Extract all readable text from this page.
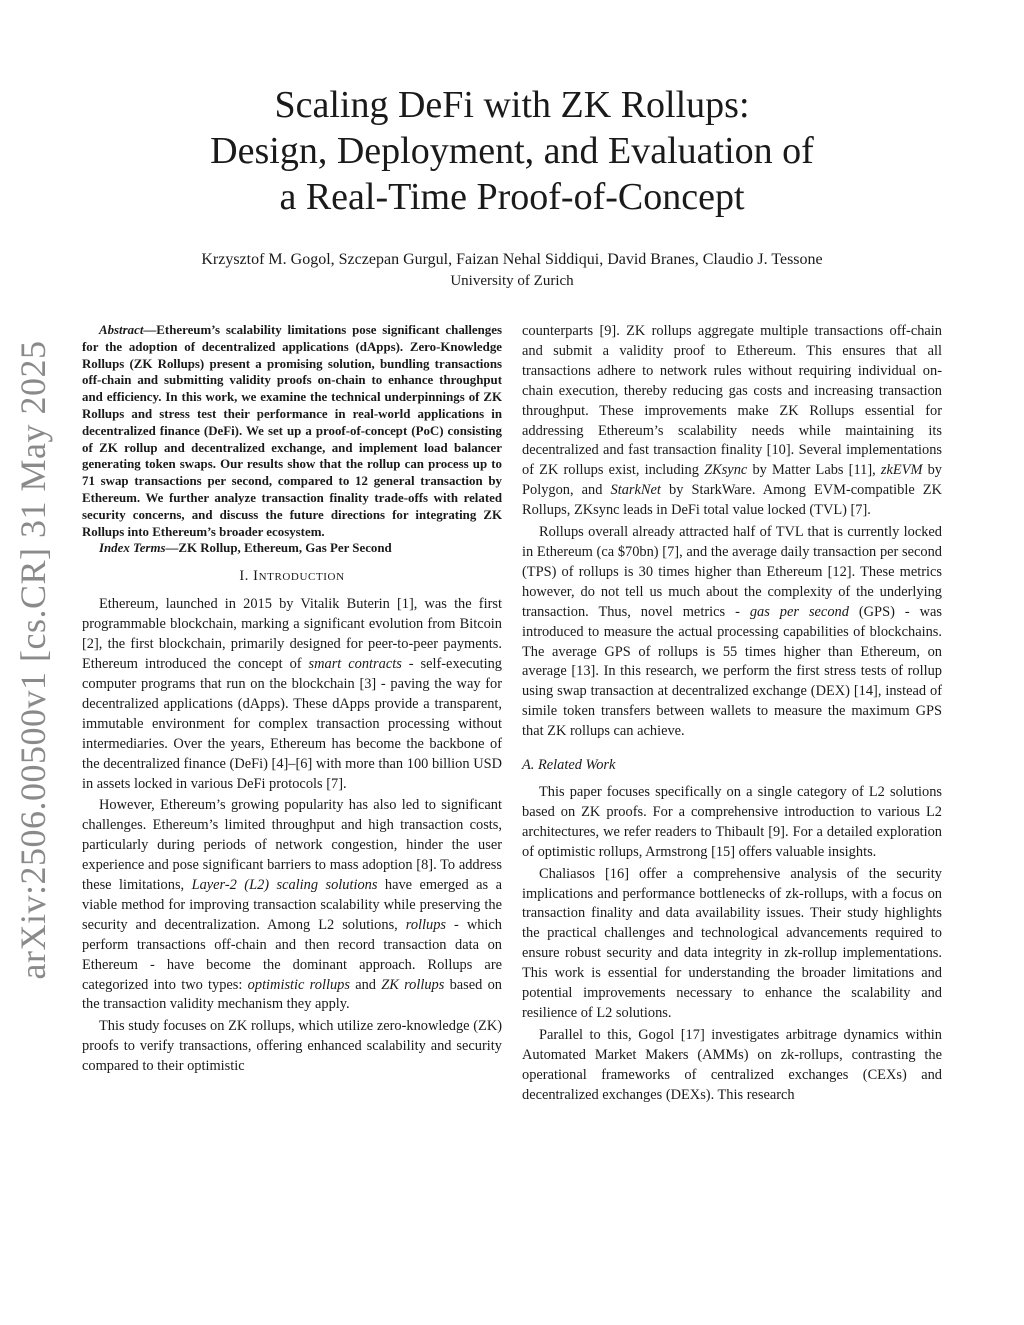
arXiv:2506.00500v1 [cs.CR] 31 May 2025
Scaling DeFi with ZK Rollups:
Design, Deployment, and Evaluation of
a Real-Time Proof-of-Concept
Krzysztof M. Gogol, Szczepan Gurgul, Faizan Nehal Siddiqui, David Branes, Claudio J. Tessone
University of Zurich

Abstract—Ethereum’s scalability limitations pose significant challenges for the adoption of decentralized applications (dApps). Zero-Knowledge Rollups (ZK Rollups) present a promising solution, bundling transactions off-chain and submitting validity proofs on-chain to enhance throughput and efficiency. In this work, we examine the technical underpinnings of ZK Rollups and stress test their performance in real-world applications in decentralized finance (DeFi). We set up a proof-of-concept (PoC) consisting of ZK rollup and decentralized exchange, and implement load balancer generating token swaps. Our results show that the rollup can process up to 71 swap transactions per second, compared to 12 general transaction by Ethereum. We further analyze transaction finality trade-offs with related security concerns, and discuss the future directions for integrating ZK Rollups into Ethereum’s broader ecosystem.

Index Terms—ZK Rollup, Ethereum, Gas Per Second

I. INTRODUCTION

Ethereum, launched in 2015 by Vitalik Buterin [1], was the first programmable blockchain, marking a significant evolution from Bitcoin [2], the first blockchain, primarily designed for peer-to-peer payments. Ethereum introduced the concept of smart contracts - self-executing computer programs that run on the blockchain [3] - paving the way for decentralized applications (dApps). These dApps provide a transparent, immutable environment for complex transaction processing without intermediaries. Over the years, Ethereum has become the backbone of the decentralized finance (DeFi) [4]–[6] with more than 100 billion USD in assets locked in various DeFi protocols [7].

However, Ethereum’s growing popularity has also led to significant challenges. Ethereum’s limited throughput and high transaction costs, particularly during periods of network congestion, hinder the user experience and pose significant barriers to mass adoption [8]. To address these limitations, Layer-2 (L2) scaling solutions have emerged as a viable method for improving transaction scalability while preserving the security and decentralization. Among L2 solutions, rollups - which perform transactions off-chain and then record transaction data on Ethereum - have become the dominant approach. Rollups are categorized into two types: optimistic rollups and ZK rollups based on the transaction validity mechanism they apply.

This study focuses on ZK rollups, which utilize zero-knowledge (ZK) proofs to verify transactions, offering enhanced scalability and security compared to their optimistic

counterparts [9]. ZK rollups aggregate multiple transactions off-chain and submit a validity proof to Ethereum. This ensures that all transactions adhere to network rules without requiring individual on-chain execution, thereby reducing gas costs and increasing transaction throughput. These improvements make ZK Rollups essential for addressing Ethereum’s scalability needs while maintaining its decentralized and fast transaction finality [10]. Several implementations of ZK rollups exist, including ZKsync by Matter Labs [11], zkEVM by Polygon, and StarkNet by StarkWare. Among EVM-compatible ZK Rollups, ZKsync leads in DeFi total value locked (TVL) [7].

Rollups overall already attracted half of TVL that is currently locked in Ethereum (ca $70bn) [7], and the average daily transaction per second (TPS) of rollups is 30 times higher than Ethereum [12]. These metrics however, do not tell us much about the complexity of the underlying transaction. Thus, novel metrics - gas per second (GPS) - was introduced to measure the actual processing capabilities of blockchains. The average GPS of rollups is 55 times higher than Ethereum, on average [13]. In this research, we perform the first stress tests of rollup using swap transaction at decentralized exchange (DEX) [14], instead of simile token transfers between wallets to measure the maximum GPS that ZK rollups can achieve.

A. Related Work

This paper focuses specifically on a single category of L2 solutions based on ZK proofs. For a comprehensive introduction to various L2 architectures, we refer readers to Thibault [9]. For a detailed exploration of optimistic rollups, Armstrong [15] offers valuable insights.

Chaliasos [16] offer a comprehensive analysis of the security implications and performance bottlenecks of zk-rollups, with a focus on transaction finality and data availability issues. Their study highlights the practical challenges and technological advancements required to ensure robust security and data integrity in zk-rollup implementations. This work is essential for understanding the broader limitations and potential improvements necessary to enhance the scalability and resilience of L2 solutions.

Parallel to this, Gogol [17] investigates arbitrage dynamics within Automated Market Makers (AMMs) on zk-rollups, contrasting the operational frameworks of centralized exchanges (CEXs) and decentralized exchanges (DEXs). This research
